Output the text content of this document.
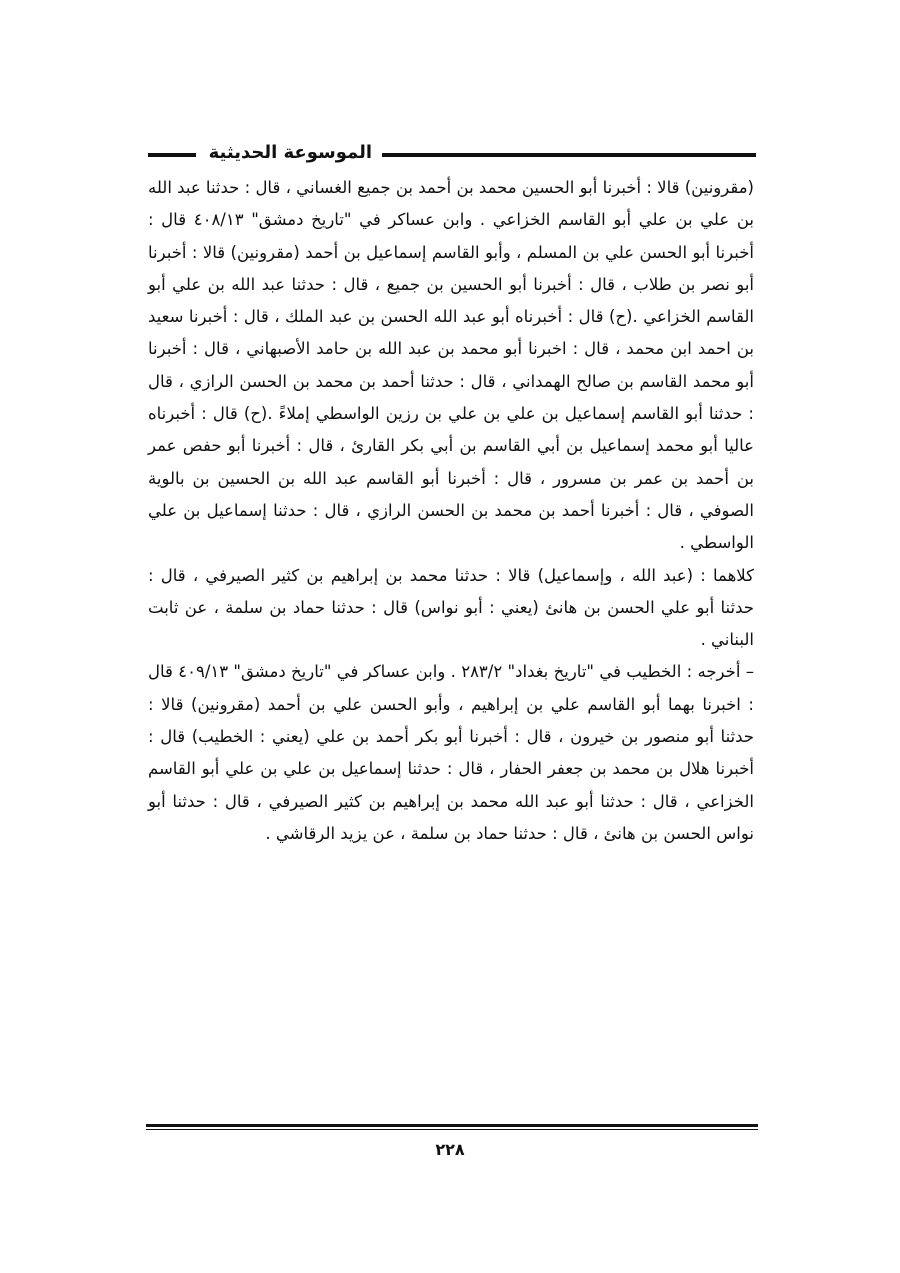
الموسوعة الحديثية

(مقرونين) قالا : أخبرنا أبو الحسين محمد بن أحمد بن جميع الغساني ، قال : حدثنا عبد الله بن علي بن علي أبو القاسم الخزاعي . وابن عساكر في "تاريخ دمشق" ٤٠٨/١٣ قال : أخبرنا أبو الحسن علي بن المسلم ، وأبو القاسم إسماعيل بن أحمد (مقرونين) قالا : أخبرنا أبو نصر بن طلاب ، قال : أخبرنا أبو الحسين بن جميع ، قال : حدثنا عبد الله بن علي أبو القاسم الخزاعي .(ح) قال : أخبرناه أبو عبد الله الحسن بن عبد الملك ، قال : أخبرنا سعيد بن احمد ابن محمد ، قال : اخبرنا أبو محمد بن عبد الله بن حامد الأصبهاني ، قال : أخبرنا أبو محمد القاسم بن صالح الهمداني ، قال : حدثنا أحمد بن محمد بن الحسن الرازي ، قال : حدثنا أبو القاسم إسماعيل بن علي بن علي بن رزين الواسطي إملاءً .(ح) قال : أخبرناه عاليا أبو محمد إسماعيل بن أبي القاسم بن أبي بكر القارئ ، قال : أخبرنا أبو حفص عمر بن أحمد بن عمر بن مسرور ، قال : أخبرنا أبو القاسم عبد الله بن الحسين بن بالوية الصوفي ، قال : أخبرنا أحمد بن محمد بن الحسن الرازي ، قال : حدثنا إسماعيل بن علي الواسطي .

كلاهما : (عبد الله ، وإسماعيل) قالا : حدثنا محمد بن إبراهيم بن كثير الصيرفي ، قال : حدثنا أبو علي الحسن بن هانئ (يعني : أبو نواس) قال : حدثنا حماد بن سلمة ، عن ثابت البناني .

– أخرجه : الخطيب في "تاريخ بغداد" ٢٨٣/٢ . وابن عساكر في "تاريخ دمشق" ٤٠٩/١٣ قال : اخبرنا بهما أبو القاسم علي بن إبراهيم ، وأبو الحسن علي بن أحمد (مقرونين) قالا : حدثنا أبو منصور بن خيرون ، قال : أخبرنا أبو بكر أحمد بن علي (يعني : الخطيب) قال : أخبرنا هلال بن محمد بن جعفر الحفار ، قال : حدثنا إسماعيل بن علي بن علي أبو القاسم الخزاعي ، قال : حدثنا أبو عبد الله محمد بن إبراهيم بن كثير الصيرفي ، قال : حدثنا أبو نواس الحسن بن هانئ ، قال : حدثنا حماد بن سلمة ، عن يزيد الرقاشي .

٢٢٨
